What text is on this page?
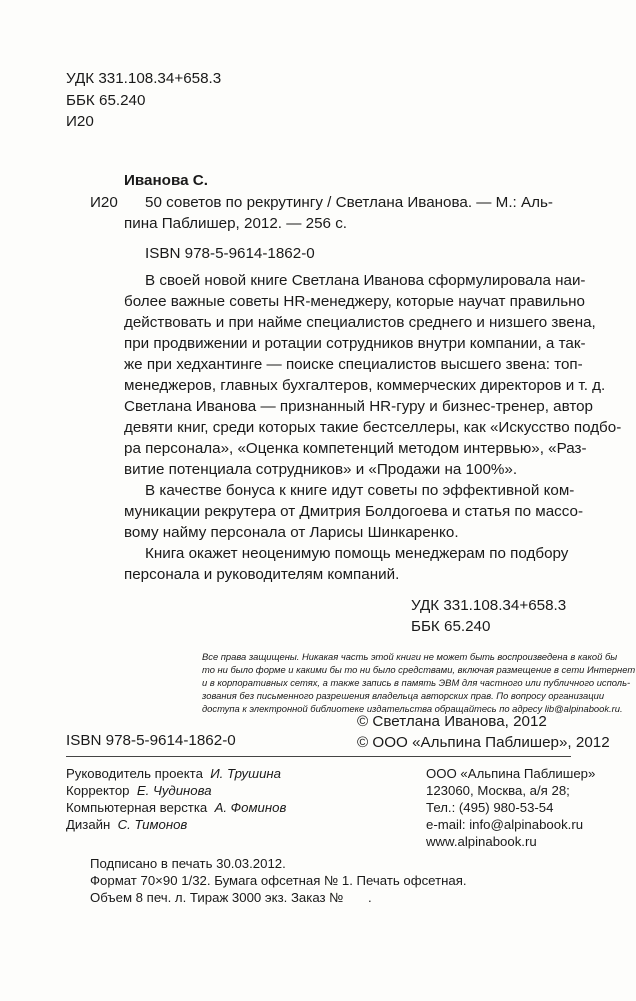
УДК 331.108.34+658.3
ББК 65.240
И20
Иванова С.
И20 50 советов по рекрутингу / Светлана Иванова. — М.: Аль-
пина Паблишер, 2012. — 256 с.
ISBN 978-5-9614-1862-0
В своей новой книге Светлана Иванова сформулировала наи-
более важные советы HR-менеджеру, которые научат правильно
действовать и при найме специалистов среднего и низшего звена,
при продвижении и ротации сотрудников внутри компании, а так-
же при хедхантинге — поиске специалистов высшего звена: топ-
менеджеров, главных бухгалтеров, коммерческих директоров и т. д.
Светлана Иванова — признанный HR-гуру и бизнес-тренер, автор
девяти книг, среди которых такие бестселлеры, как «Искусство подбо-
ра персонала», «Оценка компетенций методом интервью», «Раз-
витие потенциала сотрудников» и «Продажи на 100%».
В качестве бонуса к книге идут советы по эффективной ком-
муникации рекрутера от Дмитрия Болдогоева и статья по массо-
вому найму персонала от Ларисы Шинкаренко.
Книга окажет неоценимую помощь менеджерам по подбору
персонала и руководителям компаний.
УДК 331.108.34+658.3
ББК 65.240
Все права защищены. Никакая часть этой книги не может быть воспроизведена в какой бы
то ни было форме и какими бы то ни было средствами, включая размещение в сети Интернет
и в корпоративных сетях, а также запись в память ЭВМ для частного или публичного исполь-
зования без письменного разрешения владельца авторских прав. По вопросу организации
доступа к электронной библиотеке издательства обращайтесь по адресу lib@alpinabook.ru.
© Светлана Иванова, 2012
ISBN 978-5-9614-1862-0	© ООО «Альпина Паблишер», 2012
Руководитель проекта И. Трушина
Корректор Е. Чудинова
Компьютерная верстка А. Фоминов
Дизайн С. Тимонов
ООО «Альпина Паблишер»
123060, Москва, а/я 28;
Тел.: (495) 980-53-54
e-mail: info@alpinabook.ru
www.alpinabook.ru
Подписано в печать 30.03.2012.
Формат 70×90 1/32. Бумага офсетная № 1. Печать офсетная.
Объем 8 печ. л. Тираж 3000 экз. Заказ № .
